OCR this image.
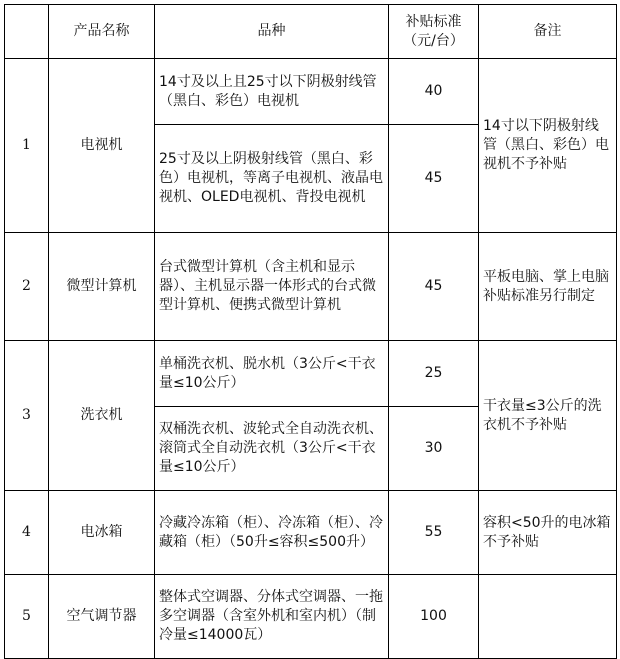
	产品名称	品种	补贴标准（元/台）	备注
1	电视机	14寸及以上且25寸以下阴极射线管（黑白、彩色）电视机	40	14寸以下阴极射线管（黑白、彩色）电视机不予补贴
		25寸及以上阴极射线管（黑白、彩色）电视机，等离子电视机、液晶电视机、OLED电视机、背投电视机	45	
2	微型计算机	台式微型计算机（含主机和显示器）、主机显示器一体形式的台式微型计算机、便携式微型计算机	45	平板电脑、掌上电脑补贴标准另行制定
3	洗衣机	单桶洗衣机、脱水机（3公斤<干衣量≤10公斤）	25	干衣量≤3公斤的洗衣机不予补贴
		双桶洗衣机、波轮式全自动洗衣机、滚筒式全自动洗衣机（3公斤<干衣量≤10公斤）	30	
4	电冰箱	冷藏冷冻箱（柜）、冷冻箱（柜）、冷藏箱（柜）（50升≤容积≤500升）	55	容积<50升的电冰箱不予补贴
5	空气调节器	整体式空调器、分体式空调器、一拖多空调器（含室外机和室内机）（制冷量≤14000瓦）	100	
